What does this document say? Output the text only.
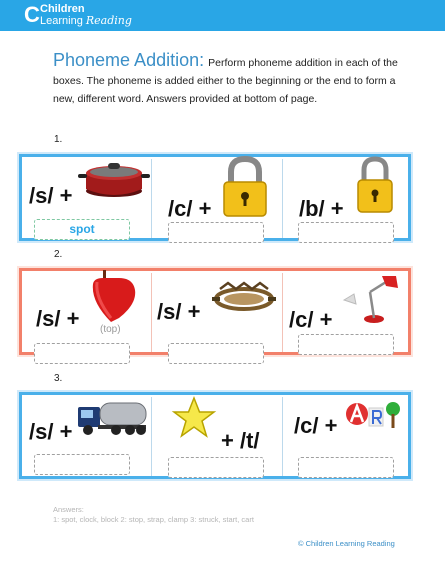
C Children
Learning Reading
Phoneme Addition: Perform phoneme addition in each of the boxes. The phoneme is added either to the beginning or the end to form a new, different word. Answers provided at bottom of page.
1.
/s/ +
spot
/c/ +	/b/ +
2.
/s/ + (top)
/s/ +	/c/ +
3.
/s/ +	+ /t/
/c/ +
Answers:
1: spot, clock, block 2: stop, strap, clamp 3: struck, start, cart
© Children Learning Reading
